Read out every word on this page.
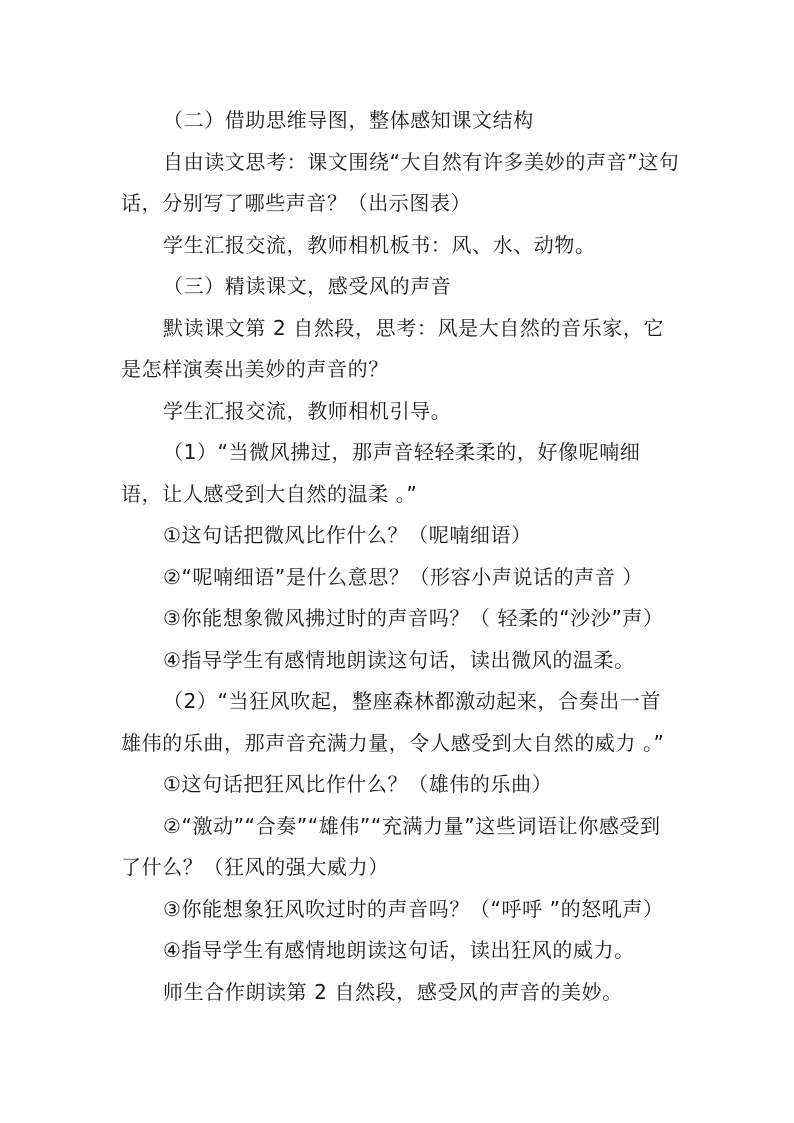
（二）借助思维导图，整体感知课文结构

自由读文思考：课文围绕“大自然有许多美妙的声音”这句话，分别写了哪些声音？（出示图表）

学生汇报交流，教师相机板书：风、水、动物。

（三）精读课文，感受风的声音

默读课文第 2 自然段，思考：风是大自然的音乐家，它是怎样演奏出美妙的声音的？

学生汇报交流，教师相机引导。

（1）“当微风拂过，那声音轻轻柔柔的，好像呢喃细语，让人感受到大自然的温柔 。”

①这句话把微风比作什么？（呢喃细语）

②“呢喃细语”是什么意思？（形容小声说话的声音 ）

③你能想象微风拂过时的声音吗？（ 轻柔的“沙沙”声）

④指导学生有感情地朗读这句话，读出微风的温柔。

（2）“当狂风吹起，整座森林都激动起来，合奏出一首雄伟的乐曲，那声音充满力量，令人感受到大自然的威力 。”

①这句话把狂风比作什么？（雄伟的乐曲）

②“激动”“合奏”“雄伟”“充满力量”这些词语让你感受到了什么？（狂风的强大威力）

③你能想象狂风吹过时的声音吗？（“呼呼 ”的怒吼声）

④指导学生有感情地朗读这句话，读出狂风的威力。

师生合作朗读第 2 自然段，感受风的声音的美妙。
